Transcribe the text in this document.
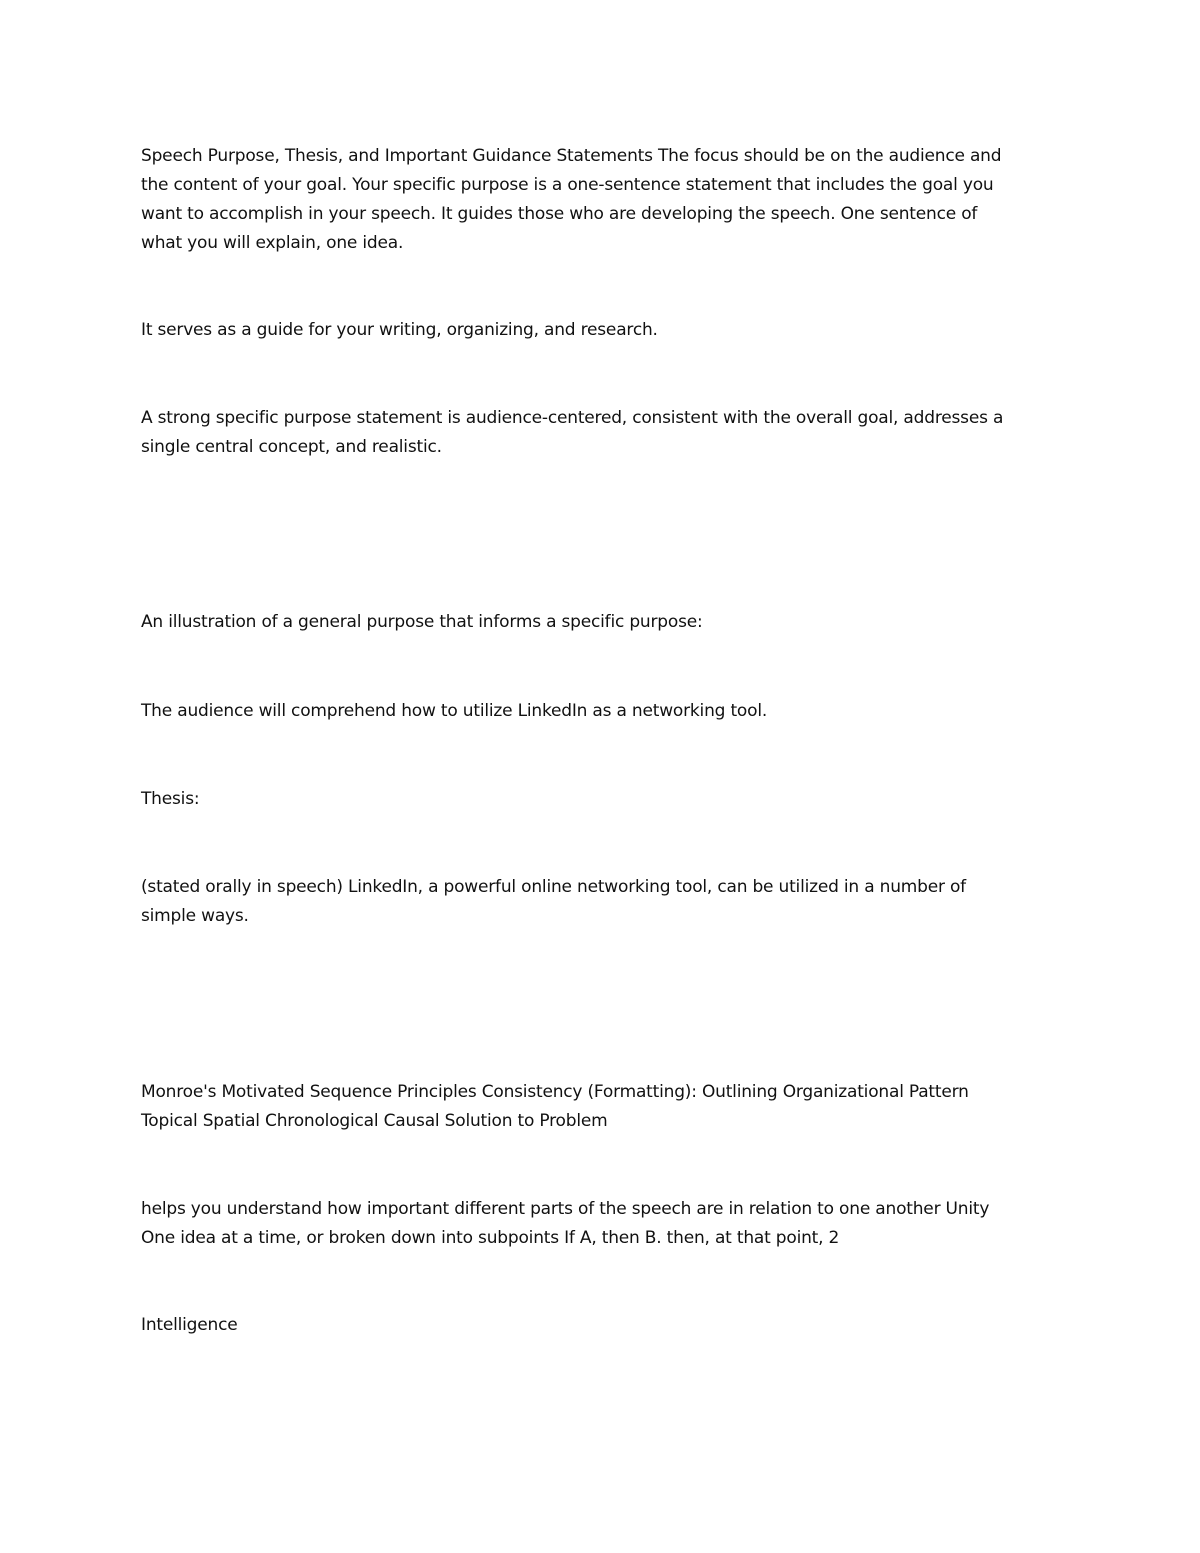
Speech Purpose, Thesis, and Important Guidance Statements The focus should be on the audience and
the content of your goal. Your specific purpose is a one-sentence statement that includes the goal you
want to accomplish in your speech. It guides those who are developing the speech. One sentence of
what you will explain, one idea.

It serves as a guide for your writing, organizing, and research.

A strong specific purpose statement is audience-centered, consistent with the overall goal, addresses a
single central concept, and realistic.

An illustration of a general purpose that informs a specific purpose:

The audience will comprehend how to utilize LinkedIn as a networking tool.

Thesis:

(stated orally in speech) LinkedIn, a powerful online networking tool, can be utilized in a number of
simple ways.

Monroe's Motivated Sequence Principles Consistency (Formatting): Outlining Organizational Pattern
Topical Spatial Chronological Causal Solution to Problem

helps you understand how important different parts of the speech are in relation to one another Unity
One idea at a time, or broken down into subpoints If A, then B. then, at that point, 2

Intelligence
